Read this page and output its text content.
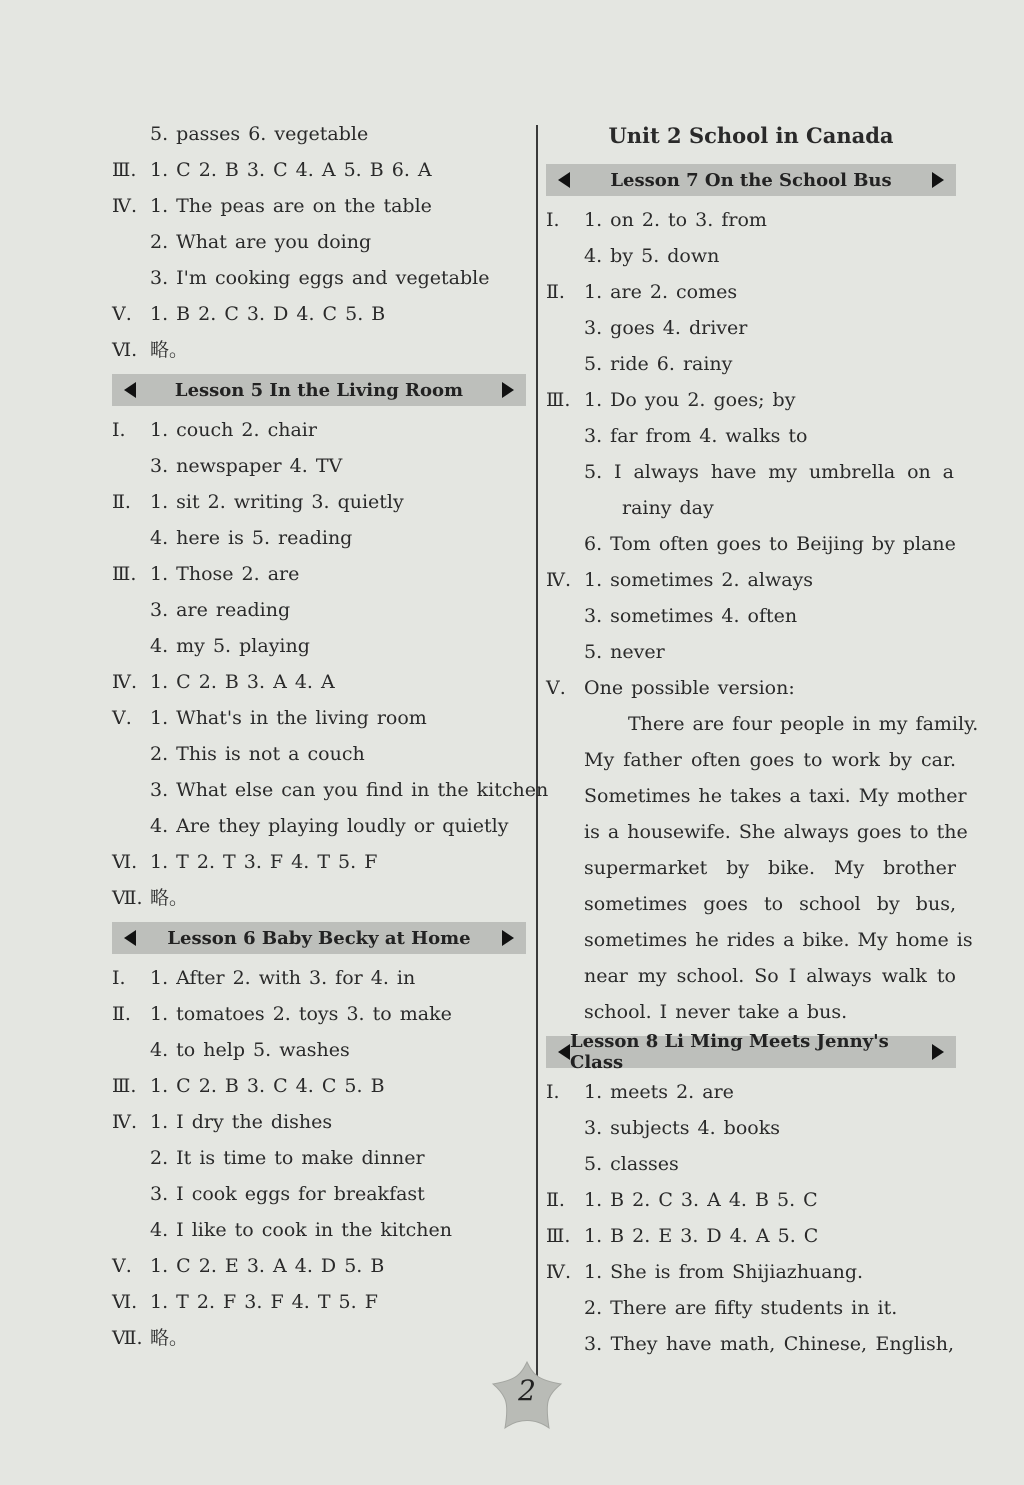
5. passes 6. vegetable
Ⅲ. 1. C 2. B 3. C 4. A 5. B 6. A
Ⅳ. 1. The peas are on the table
2. What are you doing
3. I'm cooking eggs and vegetable
Ⅴ. 1. B 2. C 3. D 4. C 5. B
Ⅵ. 略。
Lesson 5 In the Living Room
Ⅰ. 1. couch 2. chair
3. newspaper 4. TV
Ⅱ. 1. sit 2. writing 3. quietly
4. here is 5. reading
Ⅲ. 1. Those 2. are
3. are reading
4. my 5. playing
Ⅳ. 1. C 2. B 3. A 4. A
Ⅴ. 1. What's in the living room
2. This is not a couch
3. What else can you find in the kitchen
4. Are they playing loudly or quietly
Ⅵ. 1. T 2. T 3. F 4. T 5. F
Ⅶ. 略。
Lesson 6 Baby Becky at Home
Ⅰ. 1. After 2. with 3. for 4. in
Ⅱ. 1. tomatoes 2. toys 3. to make
4. to help 5. washes
Ⅲ. 1. C 2. B 3. C 4. C 5. B
Ⅳ. 1. I dry the dishes
2. It is time to make dinner
3. I cook eggs for breakfast
4. I like to cook in the kitchen
Ⅴ. 1. C 2. E 3. A 4. D 5. B
Ⅵ. 1. T 2. F 3. F 4. T 5. F
Ⅶ. 略。
Unit 2 School in Canada
Lesson 7 On the School Bus
Ⅰ. 1. on 2. to 3. from
4. by 5. down
Ⅱ. 1. are 2. comes
3. goes 4. driver
5. ride 6. rainy
Ⅲ. 1. Do you 2. goes; by
3. far from 4. walks to
5. I always have my umbrella on a
rainy day
6. Tom often goes to Beijing by plane
Ⅳ. 1. sometimes 2. always
3. sometimes 4. often
5. never
Ⅴ. One possible version:
There are four people in my family.
My father often goes to work by car.
Sometimes he takes a taxi. My mother
is a housewife. She always goes to the
supermarket by bike. My brother
sometimes goes to school by bus,
sometimes he rides a bike. My home is
near my school. So I always walk to
school. I never take a bus.
Lesson 8 Li Ming Meets Jenny's Class
Ⅰ. 1. meets 2. are
3. subjects 4. books
5. classes
Ⅱ. 1. B 2. C 3. A 4. B 5. C
Ⅲ. 1. B 2. E 3. D 4. A 5. C
Ⅳ. 1. She is from Shijiazhuang.
2. There are fifty students in it.
3. They have math, Chinese, English,
2
